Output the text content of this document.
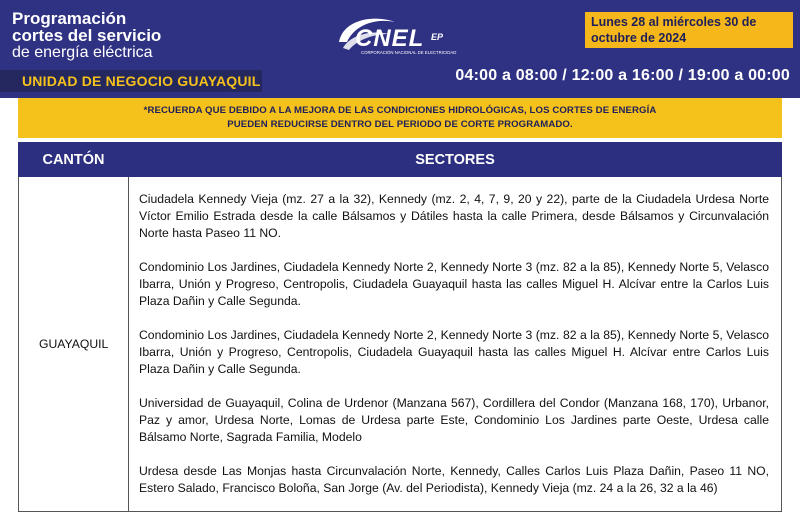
Programación
cortes del servicio
de energía eléctrica
UNIDAD DE NEGOCIO GUAYAQUIL
CNEL EP
CORPORACIÓN NACIONAL DE ELECTRICIDAD
Lunes 28 al miércoles 30 de octubre de 2024
04:00 a 08:00 / 12:00 a 16:00 / 19:00 a 00:00
*RECUERDA QUE DEBIDO A LA MEJORA DE LAS CONDICIONES HIDROLÓGICAS, LOS CORTES DE ENERGÍA
PUEDEN REDUCIRSE DENTRO DEL PERIODO DE CORTE PROGRAMADO.
CANTÓN	SECTORES
GUAYAQUIL	Ciudadela Kennedy Vieja (mz. 27 a la 32), Kennedy (mz. 2, 4, 7, 9, 20 y 22), parte de la Ciudadela Urdesa Norte Víctor Emilio Estrada desde la calle Bálsamos y Dátiles hasta la calle Primera, desde Bálsamos y Circunvalación Norte hasta Paseo 11 NO.

Condominio Los Jardines, Ciudadela Kennedy Norte 2, Kennedy Norte 3 (mz. 82 a la 85), Kennedy Norte 5, Velasco Ibarra, Unión y Progreso, Centropolis, Ciudadela Guayaquil hasta las calles Miguel H. Alcívar entre la Carlos Luis Plaza Dañin y Calle Segunda.

Condominio Los Jardines, Ciudadela Kennedy Norte 2, Kennedy Norte 3 (mz. 82 a la 85), Kennedy Norte 5, Velasco Ibarra, Unión y Progreso, Centropolis, Ciudadela Guayaquil hasta las calles Miguel H. Alcívar entre Carlos Luis Plaza Dañin y Calle Segunda.

Universidad de Guayaquil, Colina de Urdenor (Manzana 567), Cordillera del Condor (Manzana 168, 170), Urbanor, Paz y amor, Urdesa Norte, Lomas de Urdesa parte Este, Condominio Los Jardines parte Oeste, Urdesa calle Bálsamo Norte, Sagrada Familia, Modelo

Urdesa desde Las Monjas hasta Circunvalación Norte, Kennedy, Calles Carlos Luis Plaza Dañin, Paseo 11 NO, Estero Salado, Francisco Boloña, San Jorge (Av. del Periodista), Kennedy Vieja (mz. 24 a la 26, 32 a la 46)
